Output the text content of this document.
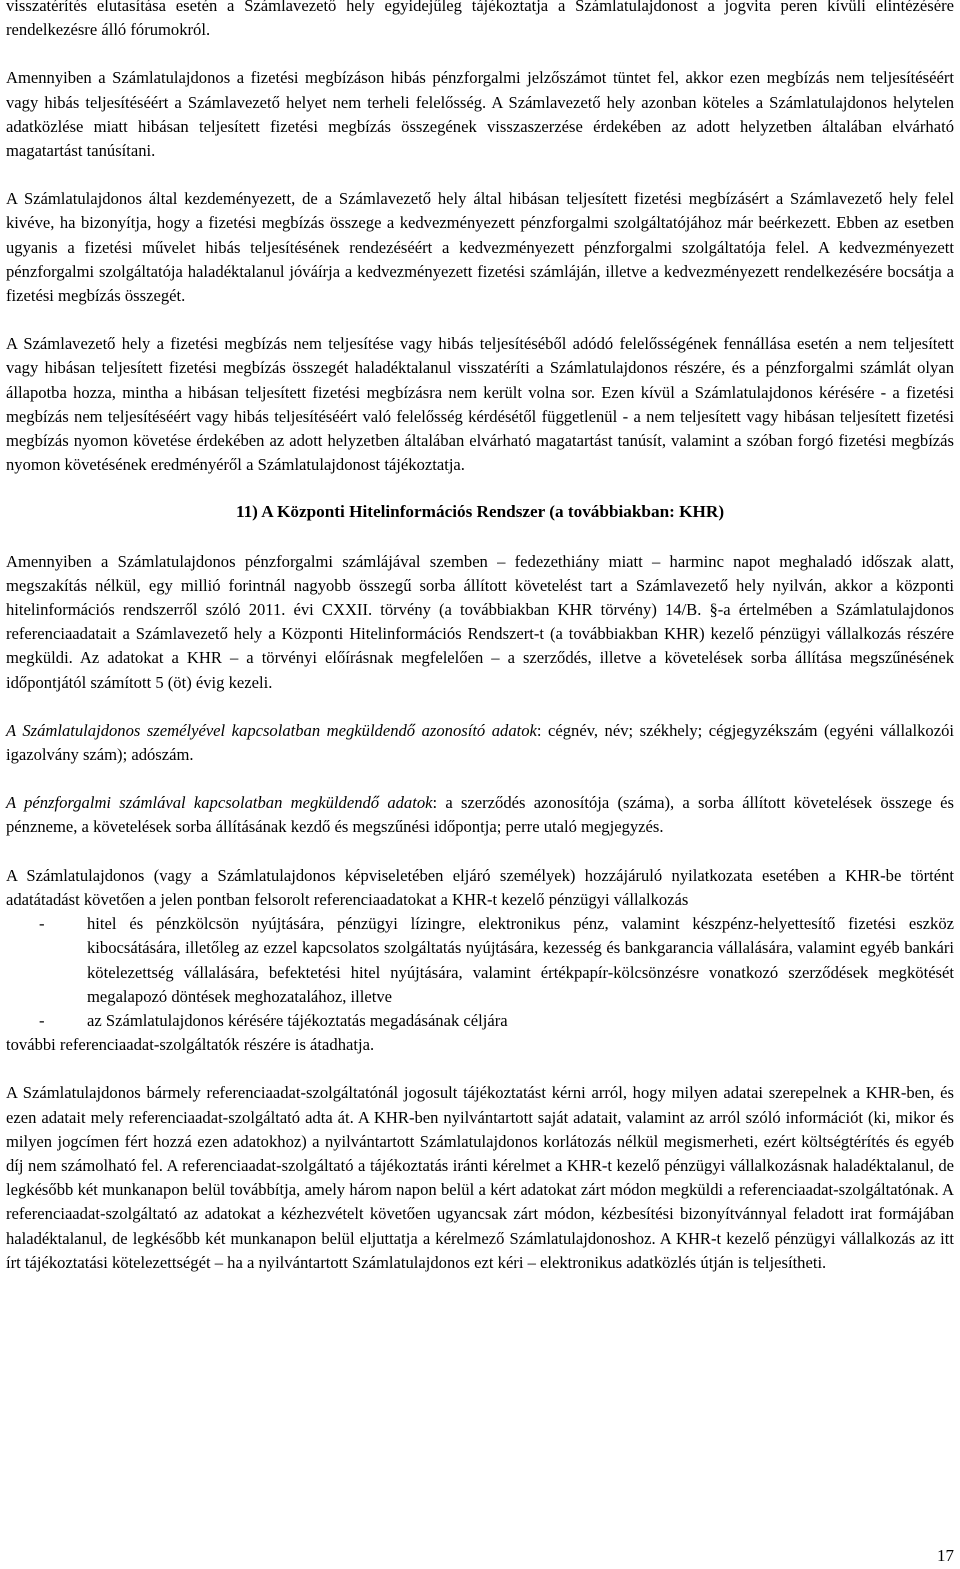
visszatérítés elutasítása esetén a Számlavezető hely egyidejűleg tájékoztatja a Számlatulajdonost a jogvita peren kívüli elintézésére rendelkezésre álló fórumokról.

Amennyiben a Számlatulajdonos a fizetési megbízáson hibás pénzforgalmi jelzőszámot tüntet fel, akkor ezen megbízás nem teljesítéséért vagy hibás teljesítéséért a Számlavezető helyet nem terheli felelősség. A Számlavezető hely azonban köteles a Számlatulajdonos helytelen adatközlése miatt hibásan teljesített fizetési megbízás összegének visszaszerzése érdekében az adott helyzetben általában elvárható magatartást tanúsítani.

A Számlatulajdonos által kezdeményezett, de a Számlavezető hely által hibásan teljesített fizetési megbízásért a Számlavezető hely felel kivéve, ha bizonyítja, hogy a fizetési megbízás összege a kedvezményezett pénzforgalmi szolgáltatójához már beérkezett. Ebben az esetben ugyanis a fizetési művelet hibás teljesítésének rendezéséért a kedvezményezett pénzforgalmi szolgáltatója felel. A kedvezményezett pénzforgalmi szolgáltatója haladéktalanul jóváírja a kedvezményezett fizetési számláján, illetve a kedvezményezett rendelkezésére bocsátja a fizetési megbízás összegét.

A Számlavezető hely a fizetési megbízás nem teljesítése vagy hibás teljesítéséből adódó felelősségének fennállása esetén a nem teljesített vagy hibásan teljesített fizetési megbízás összegét haladéktalanul visszatéríti a Számlatulajdonos részére, és a pénzforgalmi számlát olyan állapotba hozza, mintha a hibásan teljesített fizetési megbízásra nem került volna sor. Ezen kívül a Számlatulajdonos kérésére - a fizetési megbízás nem teljesítéséért vagy hibás teljesítéséért való felelősség kérdésétől függetlenül - a nem teljesített vagy hibásan teljesített fizetési megbízás nyomon követése érdekében az adott helyzetben általában elvárható magatartást tanúsít, valamint a szóban forgó fizetési megbízás nyomon követésének eredményéről a Számlatulajdonost tájékoztatja.

11) A Központi Hitelinformációs Rendszer (a továbbiakban: KHR)

Amennyiben a Számlatulajdonos pénzforgalmi számlájával szemben – fedezethiány miatt – harminc napot meghaladó időszak alatt, megszakítás nélkül, egy millió forintnál nagyobb összegű sorba állított követelést tart a Számlavezető hely nyilván, akkor a központi hitelinformációs rendszerről szóló 2011. évi CXXII. törvény (a továbbiakban KHR törvény) 14/B. §-a értelmében a Számlatulajdonos referenciaadatait a Számlavezető hely a Központi Hitelinformációs Rendszert-t (a továbbiakban KHR) kezelő pénzügyi vállalkozás részére megküldi. Az adatokat a KHR – a törvényi előírásnak megfelelően – a szerződés, illetve a követelések sorba állítása megszűnésének időpontjától számított 5 (öt) évig kezeli.

A Számlatulajdonos személyével kapcsolatban megküldendő azonosító adatok: cégnév, név; székhely; cégjegyzékszám (egyéni vállalkozói igazolvány szám); adószám.

A pénzforgalmi számlával kapcsolatban megküldendő adatok: a szerződés azonosítója (száma), a sorba állított követelések összege és pénzneme, a követelések sorba állításának kezdő és megszűnési időpontja; perre utaló megjegyzés.

A Számlatulajdonos (vagy a Számlatulajdonos képviseletében eljáró személyek) hozzájáruló nyilatkozata esetében a KHR-be történt adatátadást követően a jelen pontban felsorolt referenciaadatokat a KHR-t kezelő pénzügyi vállalkozás

-	hitel és pénzkölcsön nyújtására, pénzügyi lízingre, elektronikus pénz, valamint készpénz-helyettesítő fizetési eszköz kibocsátására, illetőleg az ezzel kapcsolatos szolgáltatás nyújtására, kezesség és bankgarancia vállalására, valamint egyéb bankári kötelezettség vállalására, befektetési hitel nyújtására, valamint értékpapír-kölcsönzésre vonatkozó szerződések megkötését megalapozó döntések meghozatalához, illetve
-	az Számlatulajdonos kérésére tájékoztatás megadásának céljára

további referenciaadat-szolgáltatók részére is átadhatja.

A Számlatulajdonos bármely referenciaadat-szolgáltatónál jogosult tájékoztatást kérni arról, hogy milyen adatai szerepelnek a KHR-ben, és ezen adatait mely referenciaadat-szolgáltató adta át. A KHR-ben nyilvántartott saját adatait, valamint az arról szóló információt (ki, mikor és milyen jogcímen fért hozzá ezen adatokhoz) a nyilvántartott Számlatulajdonos korlátozás nélkül megismerheti, ezért költségtérítés és egyéb díj nem számolható fel. A referenciaadat-szolgáltató a tájékoztatás iránti kérelmet a KHR-t kezelő pénzügyi vállalkozásnak haladéktalanul, de legkésőbb két munkanapon belül továbbítja, amely három napon belül a kért adatokat zárt módon megküldi a referenciaadat-szolgáltatónak. A referenciaadat-szolgáltató az adatokat a kézhezvételt követően ugyancsak zárt módon, kézbesítési bizonyítvánnyal feladott irat formájában haladéktalanul, de legkésőbb két munkanapon belül eljuttatja a kérelmező Számlatulajdonoshoz. A KHR-t kezelő pénzügyi vállalkozás az itt írt tájékoztatási kötelezettségét – ha a nyilvántartott Számlatulajdonos ezt kéri – elektronikus adatközlés útján is teljesítheti.

17
